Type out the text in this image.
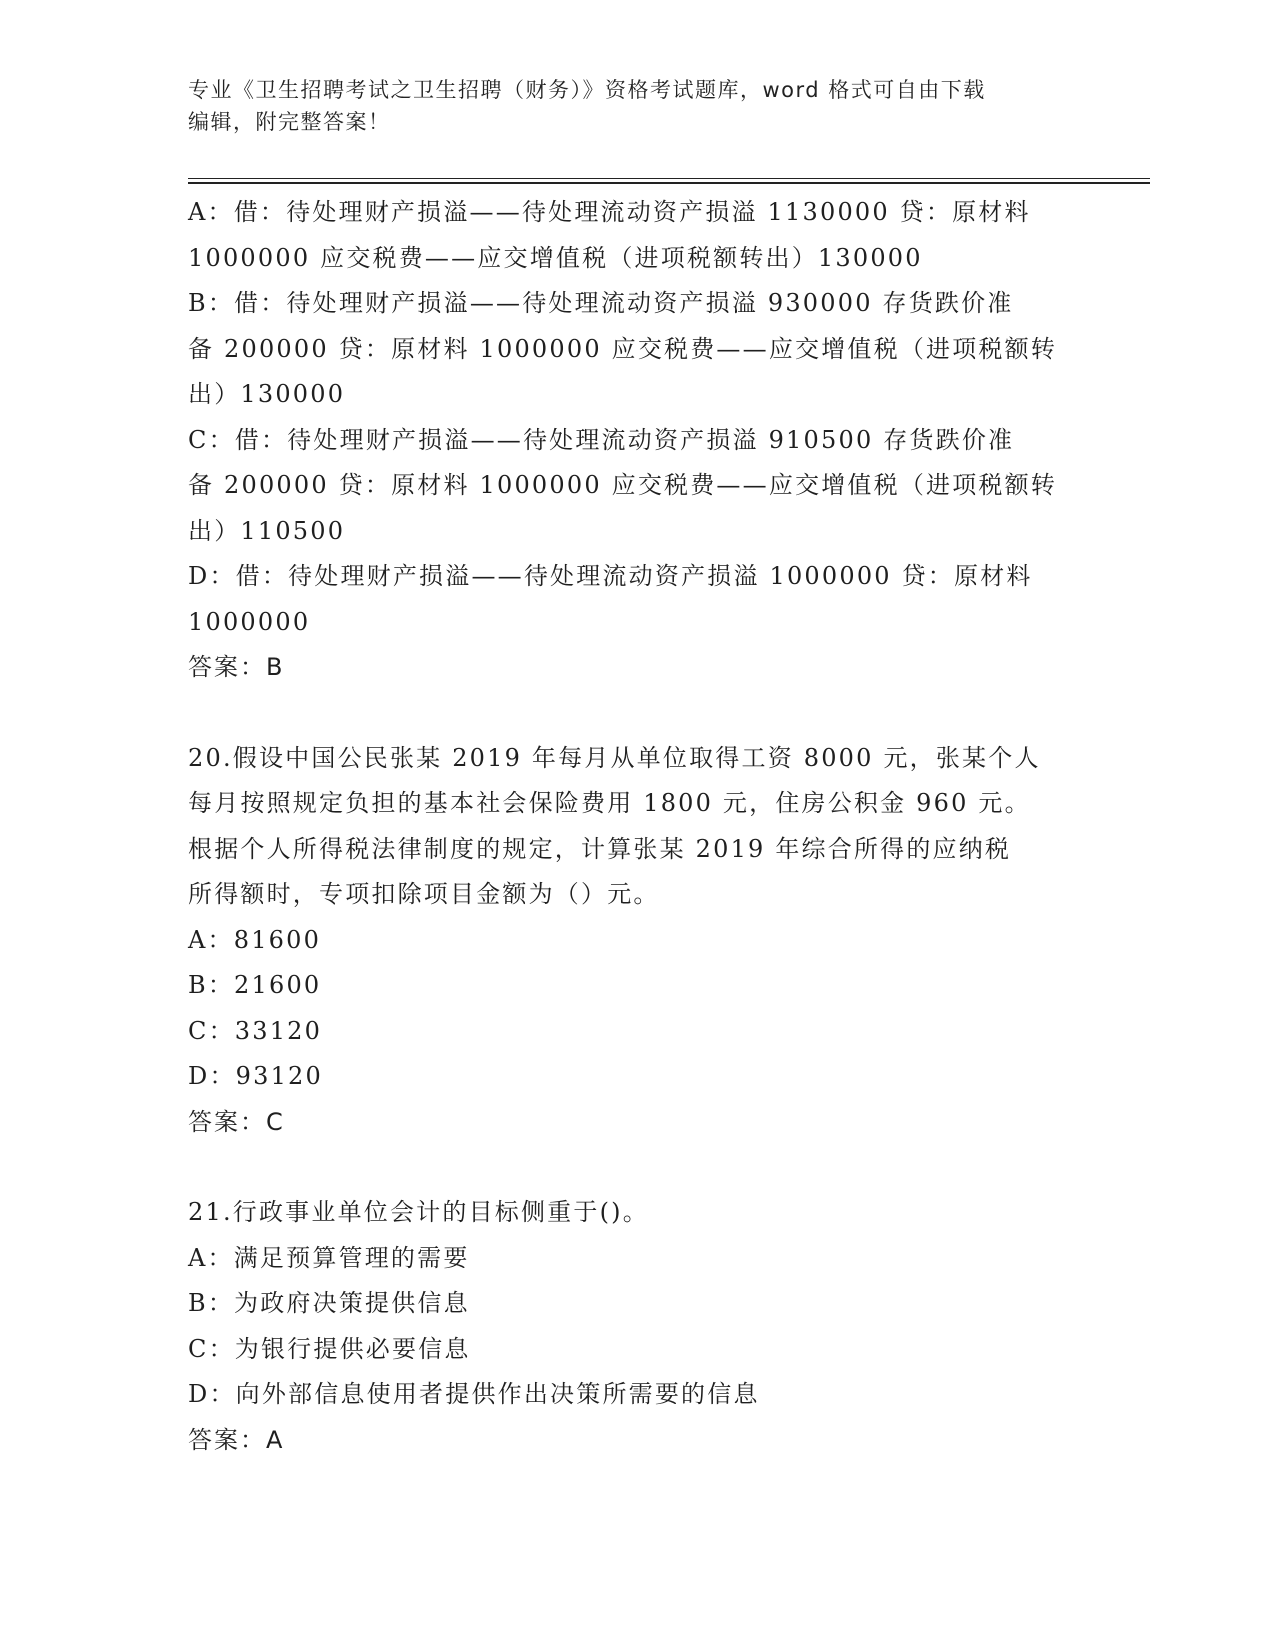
专业《卫生招聘考试之卫生招聘（财务）》资格考试题库，word 格式可自由下载
编辑，附完整答案！
A：借：待处理财产损溢——待处理流动资产损溢 1130000 贷：原材料
1000000 应交税费——应交增值税（进项税额转出）130000
B：借：待处理财产损溢——待处理流动资产损溢 930000 存货跌价准
备 200000 贷：原材料 1000000 应交税费——应交增值税（进项税额转
出）130000
C：借：待处理财产损溢——待处理流动资产损溢 910500 存货跌价准
备 200000 贷：原材料 1000000 应交税费——应交增值税（进项税额转
出）110500
D：借：待处理财产损溢——待处理流动资产损溢 1000000 贷：原材料
1000000
答案：B
20.假设中国公民张某 2019 年每月从单位取得工资 8000 元，张某个人
每月按照规定负担的基本社会保险费用 1800 元，住房公积金 960 元。
根据个人所得税法律制度的规定，计算张某 2019 年综合所得的应纳税
所得额时，专项扣除项目金额为（）元。
A：81600
B：21600
C：33120
D：93120
答案：C
21.行政事业单位会计的目标侧重于()。
A：满足预算管理的需要
B：为政府决策提供信息
C：为银行提供必要信息
D：向外部信息使用者提供作出决策所需要的信息
答案：A
